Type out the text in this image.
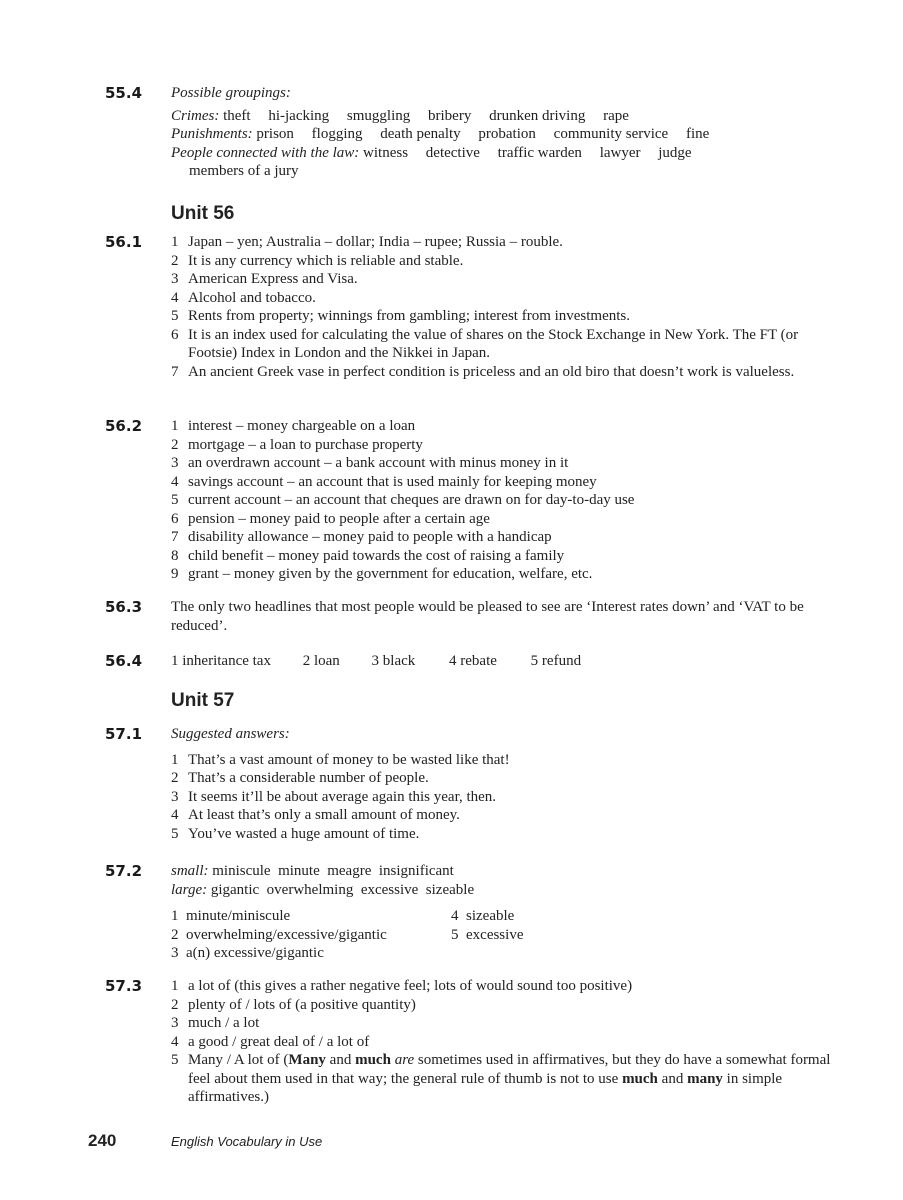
55.4	Possible groupings:
Crimes: theft hi-jacking smuggling bribery drunken driving rape
Punishments: prison flogging death penalty probation community service fine
People connected with the law: witness detective traffic warden lawyer judge
members of a jury
Unit 56
56.1	1 Japan – yen; Australia – dollar; India – rupee; Russia – rouble.
2 It is any currency which is reliable and stable.
3 American Express and Visa.
4 Alcohol and tobacco.
5 Rents from property; winnings from gambling; interest from investments.
6 It is an index used for calculating the value of shares on the Stock Exchange in New York. The FT (or Footsie) Index in London and the Nikkei in Japan.
7 An ancient Greek vase in perfect condition is priceless and an old biro that doesn’t work is valueless.
56.2	1 interest – money chargeable on a loan
2 mortgage – a loan to purchase property
3 an overdrawn account – a bank account with minus money in it
4 savings account – an account that is used mainly for keeping money
5 current account – an account that cheques are drawn on for day-to-day use
6 pension – money paid to people after a certain age
7 disability allowance – money paid to people with a handicap
8 child benefit – money paid towards the cost of raising a family
9 grant – money given by the government for education, welfare, etc.
56.3	The only two headlines that most people would be pleased to see are ‘Interest rates down’ and ‘VAT to be reduced’.
56.4	1 inheritance tax 2 loan 3 black 4 rebate 5 refund
Unit 57
57.1	Suggested answers:
1 That’s a vast amount of money to be wasted like that!
2 That’s a considerable number of people.
3 It seems it’ll be about average again this year, then.
4 At least that’s only a small amount of money.
5 You’ve wasted a huge amount of time.
57.2	small: miniscule  minute  meagre  insignificant
large: gigantic  overwhelming  excessive  sizeable
1  minute/miniscule	4  sizeable
2  overwhelming/excessive/gigantic	5  excessive
3  a(n) excessive/gigantic
57.3	1 a lot of (this gives a rather negative feel; lots of would sound too positive)
2 plenty of / lots of (a positive quantity)
3 much / a lot
4 a good / great deal of / a lot of
5 Many / A lot of (Many and much are sometimes used in affirmatives, but they do have a somewhat formal feel about them used in that way; the general rule of thumb is not to use much and many in simple affirmatives.)
240	English Vocabulary in Use
